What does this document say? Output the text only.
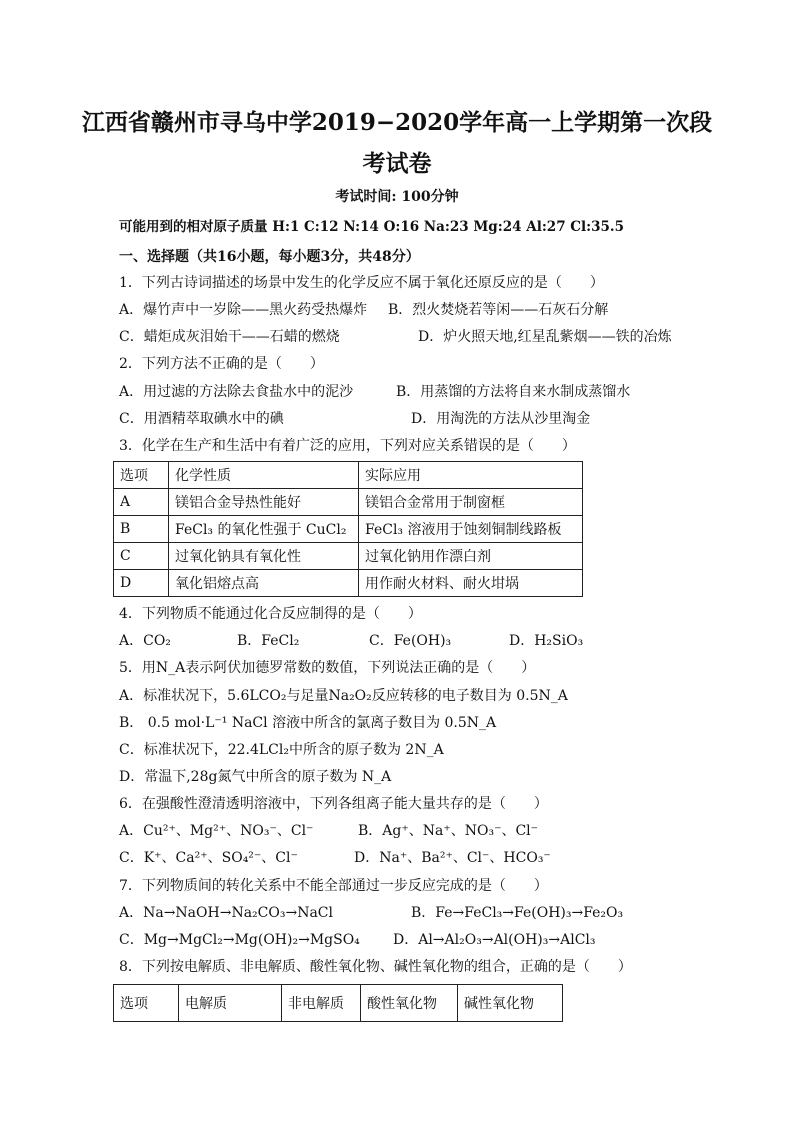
江西省赣州市寻乌中学2019−2020学年高一上学期第一次段
考试卷
考试时间: 100分钟
可能用到的相对原子质量 H:1 C:12 N:14 O:16 Na:23 Mg:24 Al:27 Cl:35.5
一、选择题（共16小题，每小题3分，共48分）
1．下列古诗词描述的场景中发生的化学反应不属于氧化还原反应的是（　　）
A．爆竹声中一岁除——黑火药受热爆炸 B．烈火焚烧若等闲——石灰石分解
C．蜡炬成灰泪始干——石蜡的燃烧	D．炉火照天地,红星乱紫烟——铁的冶炼
2．下列方法不正确的是（　　）
A．用过滤的方法除去食盐水中的泥沙	B．用蒸馏的方法将自来水制成蒸馏水
C．用酒精萃取碘水中的碘	D．用淘洗的方法从沙里淘金
3．化学在生产和生活中有着广泛的应用，下列对应关系错误的是（　　）
选项	化学性质	实际应用
A	镁铝合金导热性能好	镁铝合金常用于制窗框
B	FeCl₃ 的氧化性强于 CuCl₂	FeCl₃ 溶液用于蚀刻铜制线路板
C	过氧化钠具有氧化性	过氧化钠用作漂白剂
D	氧化铝熔点高	用作耐火材料、耐火坩埚
4．下列物质不能通过化合反应制得的是（　　）
A．CO₂	B．FeCl₂	C．Fe(OH)₃	D．H₂SiO₃
5．用N_A表示阿伏加德罗常数的数值，下列说法正确的是（　　）
A．标准状况下，5.6LCO₂与足量Na₂O₂反应转移的电子数目为 0.5N_A
B． 0.5 mol·L⁻¹ NaCl 溶液中所含的氯离子数目为 0.5N_A
C．标准状况下，22.4LCl₂中所含的原子数为 2N_A
D．常温下,28g氮气中所含的原子数为 N_A
6．在强酸性澄清透明溶液中，下列各组离子能大量共存的是（　　）
A．Cu²⁺、Mg²⁺、NO₃⁻、Cl⁻	B．Ag⁺、Na⁺、NO₃⁻、Cl⁻
C．K⁺、Ca²⁺、SO₄²⁻、Cl⁻	D．Na⁺、Ba²⁺、Cl⁻、HCO₃⁻
7．下列物质间的转化关系中不能全部通过一步反应完成的是（　　）
A．Na→NaOH→Na₂CO₃→NaCl	B．Fe→FeCl₃→Fe(OH)₃→Fe₂O₃
C．Mg→MgCl₂→Mg(OH)₂→MgSO₄ D．Al→Al₂O₃→Al(OH)₃→AlCl₃
8．下列按电解质、非电解质、酸性氧化物、碱性氧化物的组合，正确的是（　　）
选项	电解质	非电解质	酸性氧化物	碱性氧化物
